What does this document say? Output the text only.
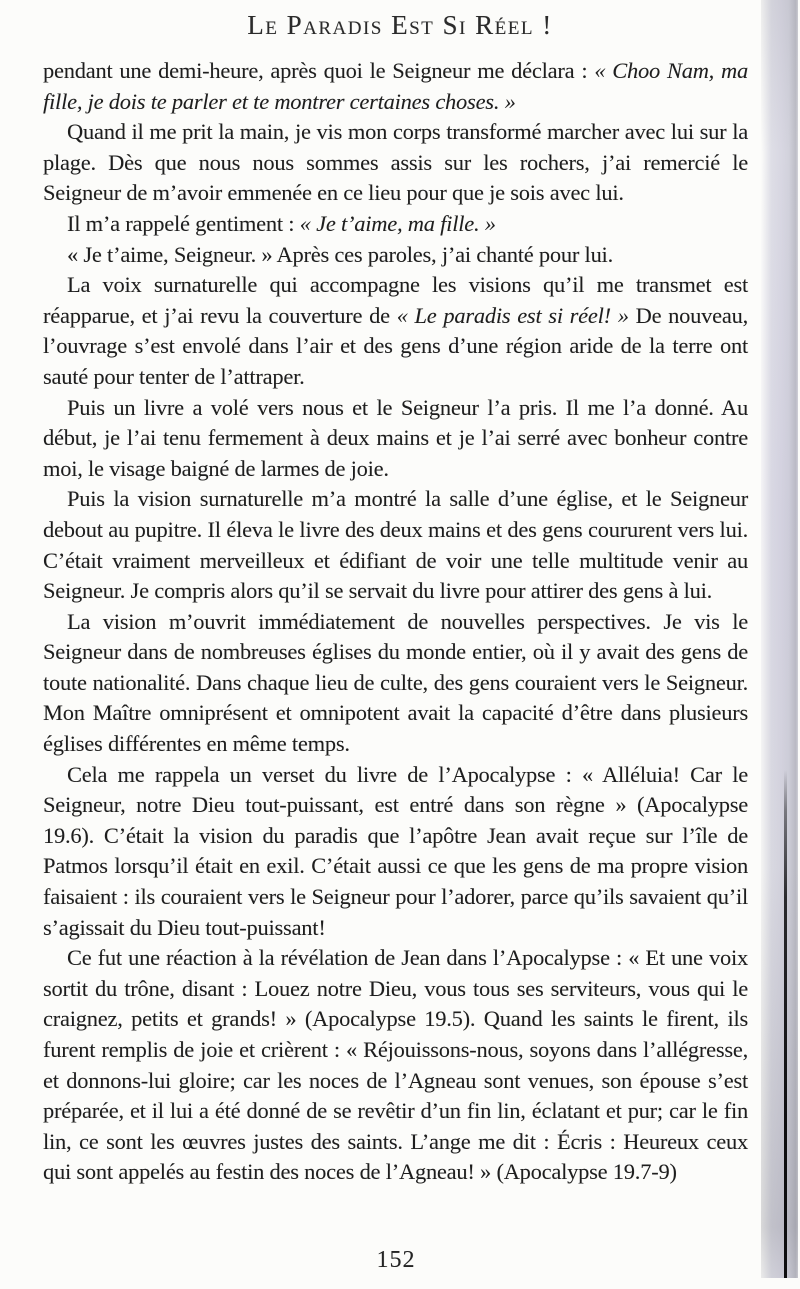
Le Paradis Est Si Réel !

pendant une demi-heure, après quoi le Seigneur me déclara : « Choo Nam, ma fille, je dois te parler et te montrer certaines choses. »

Quand il me prit la main, je vis mon corps transformé marcher avec lui sur la plage. Dès que nous nous sommes assis sur les rochers, j’ai remercié le Seigneur de m’avoir emmenée en ce lieu pour que je sois avec lui.

Il m’a rappelé gentiment : « Je t’aime, ma fille. »

« Je t’aime, Seigneur. » Après ces paroles, j’ai chanté pour lui.

La voix surnaturelle qui accompagne les visions qu’il me transmet est réapparue, et j’ai revu la couverture de « Le paradis est si réel! » De nouveau, l’ouvrage s’est envolé dans l’air et des gens d’une région aride de la terre ont sauté pour tenter de l’attraper.

Puis un livre a volé vers nous et le Seigneur l’a pris. Il me l’a donné. Au début, je l’ai tenu fermement à deux mains et je l’ai serré avec bonheur contre moi, le visage baigné de larmes de joie.

Puis la vision surnaturelle m’a montré la salle d’une église, et le Seigneur debout au pupitre. Il éleva le livre des deux mains et des gens coururent vers lui. C’était vraiment merveilleux et édifiant de voir une telle multitude venir au Seigneur. Je compris alors qu’il se servait du livre pour attirer des gens à lui.

La vision m’ouvrit immédiatement de nouvelles perspectives. Je vis le Seigneur dans de nombreuses églises du monde entier, où il y avait des gens de toute nationalité. Dans chaque lieu de culte, des gens couraient vers le Seigneur. Mon Maître omniprésent et omnipotent avait la capacité d’être dans plusieurs églises différentes en même temps.

Cela me rappela un verset du livre de l’Apocalypse : « Alléluia! Car le Seigneur, notre Dieu tout-puissant, est entré dans son règne » (Apocalypse 19.6). C’était la vision du paradis que l’apôtre Jean avait reçue sur l’île de Patmos lorsqu’il était en exil. C’était aussi ce que les gens de ma propre vision faisaient : ils couraient vers le Seigneur pour l’adorer, parce qu’ils savaient qu’il s’agissait du Dieu tout-puissant!

Ce fut une réaction à la révélation de Jean dans l’Apocalypse : « Et une voix sortit du trône, disant : Louez notre Dieu, vous tous ses serviteurs, vous qui le craignez, petits et grands! » (Apocalypse 19.5). Quand les saints le firent, ils furent remplis de joie et crièrent : « Réjouissons-nous, soyons dans l’allégresse, et donnons-lui gloire; car les noces de l’Agneau sont venues, son épouse s’est préparée, et il lui a été donné de se revêtir d’un fin lin, éclatant et pur; car le fin lin, ce sont les œuvres justes des saints. L’ange me dit : Écris : Heureux ceux qui sont appelés au festin des noces de l’Agneau! » (Apocalypse 19.7-9)

152
